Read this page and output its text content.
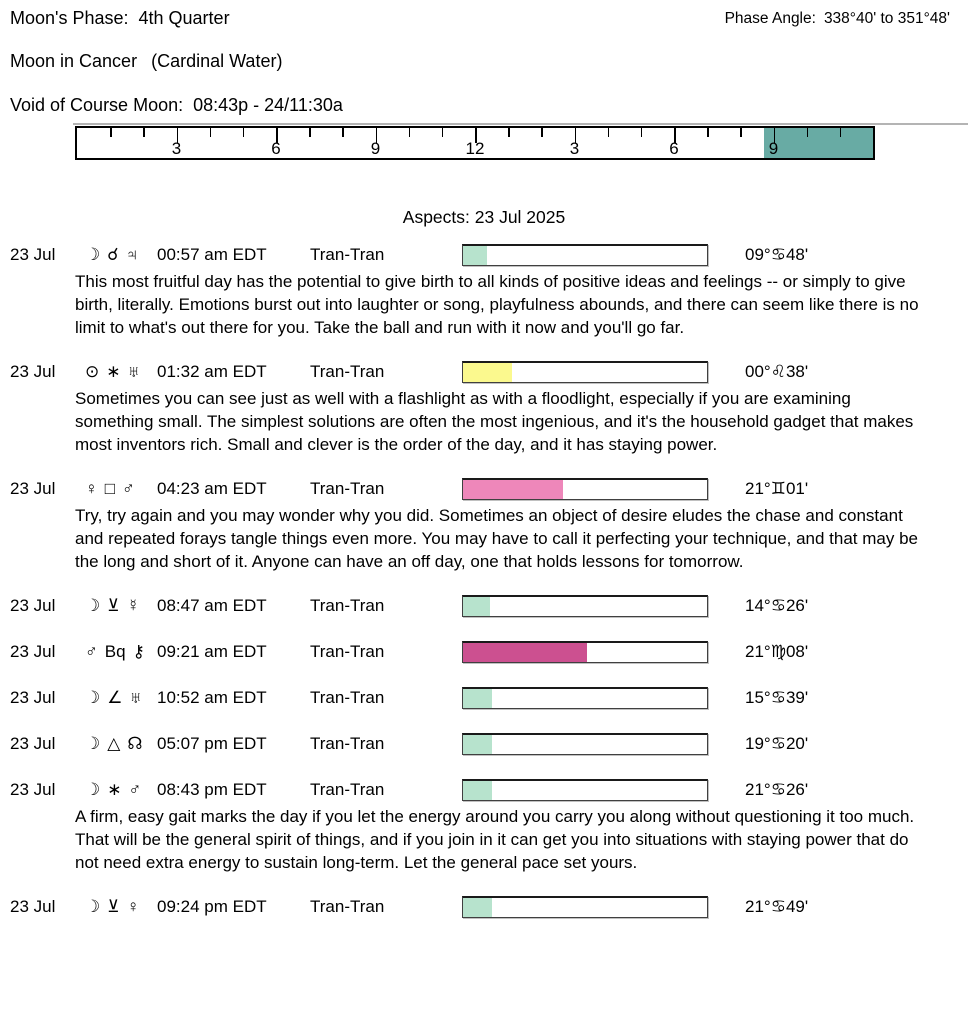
Moon's Phase: 4th Quarter	Phase Angle: 338°40' to 351°48'
Moon in Cancer (Cardinal Water)
Void of Course Moon: 08:43p - 24/11:30a
3	6	9	12	3	6	9
Aspects: 23 Jul 2025
23 Jul	☽ ☌ ♃ 00:57 am EDT	Tran-Tran	09°♋48'
This most fruitful day has the potential to give birth to all kinds of positive ideas and feelings -- or simply to give birth, literally. Emotions burst out into laughter or song, playfulness abounds, and there can seem like there is no limit to what's out there for you. Take the ball and run with it now and you'll go far.
23 Jul	⊙ ∗ ♅ 01:32 am EDT	Tran-Tran	00°♌38'
Sometimes you can see just as well with a flashlight as with a floodlight, especially if you are examining something small. The simplest solutions are often the most ingenious, and it's the household gadget that makes most inventors rich. Small and clever is the order of the day, and it has staying power.
23 Jul	♀ □ ♂ 04:23 am EDT	Tran-Tran	21°♊01'
Try, try again and you may wonder why you did. Sometimes an object of desire eludes the chase and constant and repeated forays tangle things even more. You may have to call it perfecting your technique, and that may be the long and short of it. Anyone can have an off day, one that holds lessons for tomorrow.
23 Jul	☽ ⊻ ☿ 08:47 am EDT	Tran-Tran	14°♋26'
23 Jul	♂ Bq ⚷ 09:21 am EDT	Tran-Tran	21°♍08'
23 Jul	☽ ∠ ♅ 10:52 am EDT	Tran-Tran	15°♋39'
23 Jul	☽ △ ☊ 05:07 pm EDT	Tran-Tran	19°♋20'
23 Jul	☽ ∗ ♂ 08:43 pm EDT	Tran-Tran	21°♋26'
A firm, easy gait marks the day if you let the energy around you carry you along without questioning it too much. That will be the general spirit of things, and if you join in it can get you into situations with staying power that do not need extra energy to sustain long-term. Let the general pace set yours.
23 Jul	☽ ⊻ ♀ 09:24 pm EDT	Tran-Tran	21°♋49'
